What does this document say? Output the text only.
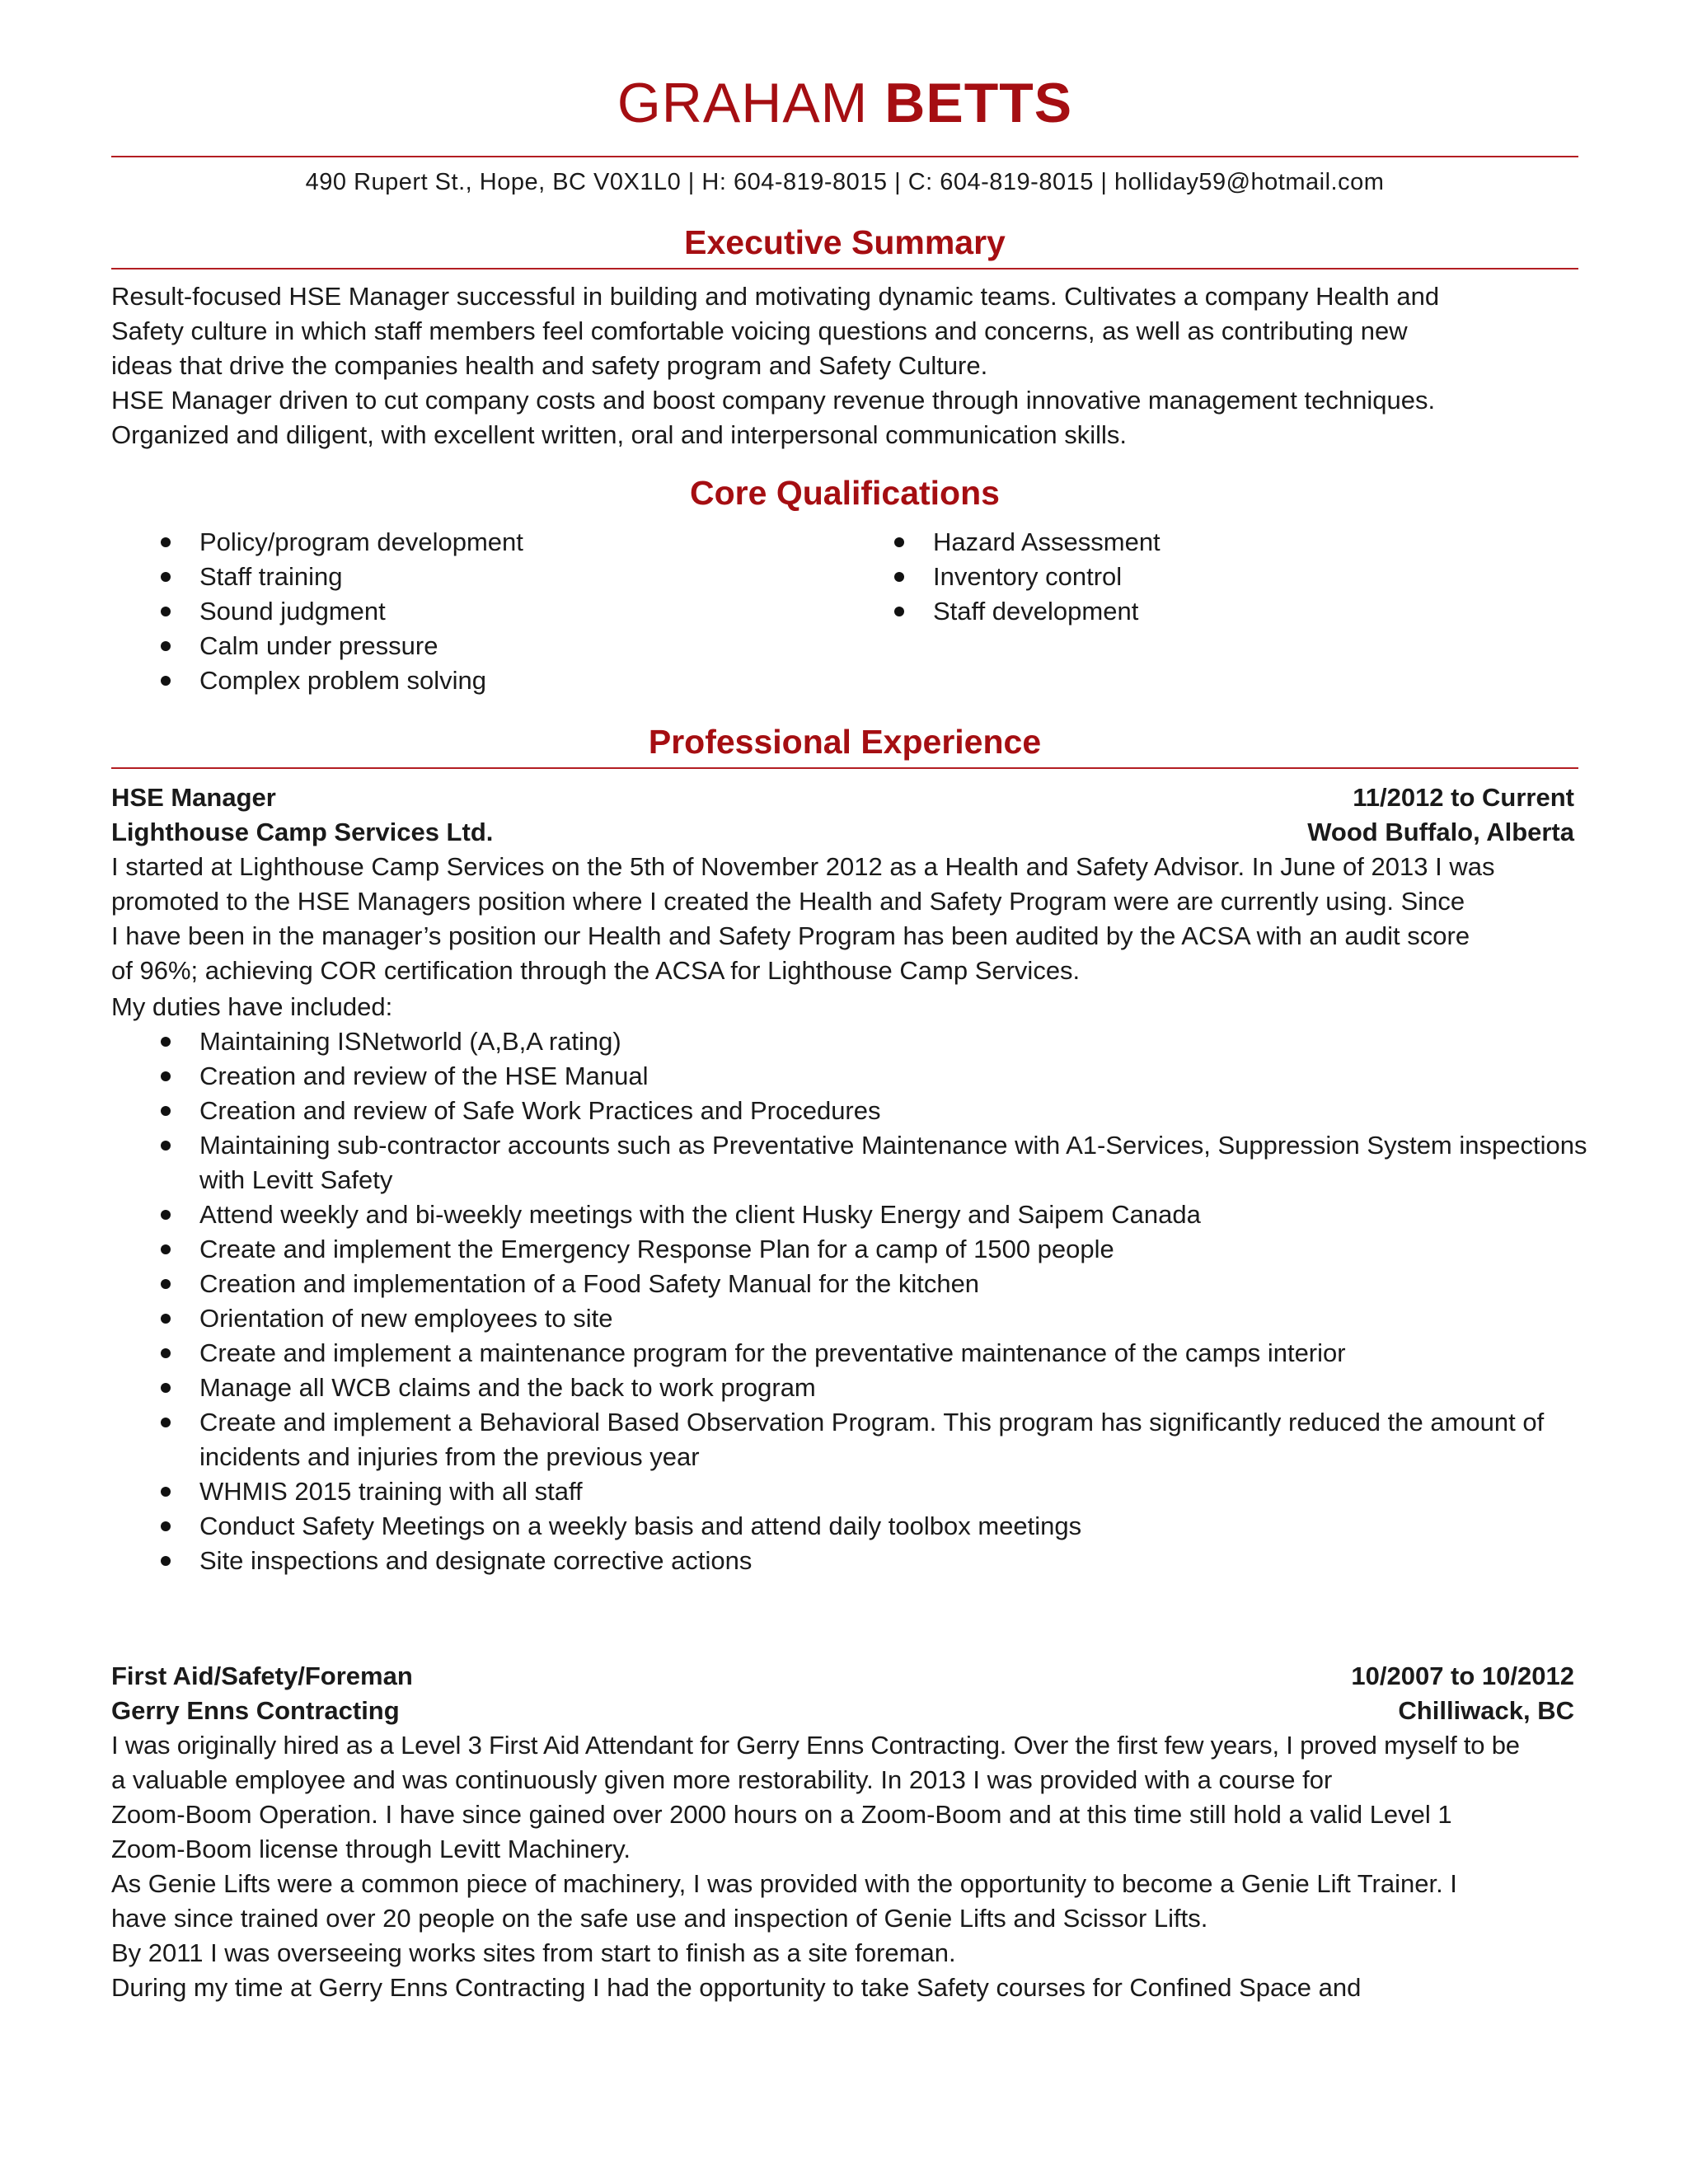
GRAHAM BETTS
490 Rupert St., Hope, BC V0X1L0 | H: 604-819-8015 | C: 604-819-8015 | holliday59@hotmail.com
Executive Summary

Result-focused HSE Manager successful in building and motivating dynamic teams. Cultivates a company Health and

Safety culture in which staff members feel comfortable voicing questions and concerns, as well as contributing new

ideas that drive the companies health and safety program and Safety Culture.

HSE Manager driven to cut company costs and boost company revenue through innovative management techniques.

Organized and diligent, with excellent written, oral and interpersonal communication skills.

Core Qualifications
Policy/program development
Staff training
Sound judgment
Calm under pressure
Complex problem solving
Hazard Assessment
Inventory control
Staff development
Professional Experience
HSE Manager	11/2012 to Current
Lighthouse Camp Services Ltd.	Wood Buffalo, Alberta

I started at Lighthouse Camp Services on the 5th of November 2012 as a Health and Safety Advisor. In June of 2013 I was

promoted to the HSE Managers position where I created the Health and Safety Program were are currently using. Since

I have been in the manager’s position our Health and Safety Program has been audited by the ACSA with an audit score

of 96%; achieving COR certification through the ACSA for Lighthouse Camp Services.

My duties have included:

Maintaining ISNetworld (A,B,A rating)
Creation and review of the HSE Manual
Creation and review of Safe Work Practices and Procedures
Maintaining sub-contractor accounts such as Preventative Maintenance with A1-Services, Suppression System inspections with Levitt Safety
Attend weekly and bi-weekly meetings with the client Husky Energy and Saipem Canada
Create and implement the Emergency Response Plan for a camp of 1500 people
Creation and implementation of a Food Safety Manual for the kitchen
Orientation of new employees to site
Create and implement a maintenance program for the preventative maintenance of the camps interior
Manage all WCB claims and the back to work program
Create and implement a Behavioral Based Observation Program. This program has significantly reduced the amount of incidents and injuries from the previous year
WHMIS 2015 training with all staff
Conduct Safety Meetings on a weekly basis and attend daily toolbox meetings
Site inspections and designate corrective actions
First Aid/Safety/Foreman	10/2007 to 10/2012
Gerry Enns Contracting	Chilliwack, BC

I was originally hired as a Level 3 First Aid Attendant for Gerry Enns Contracting. Over the first few years, I proved myself to be

a valuable employee and was continuously given more restorability. In 2013 I was provided with a course for

Zoom-Boom Operation. I have since gained over 2000 hours on a Zoom-Boom and at this time still hold a valid Level 1

Zoom-Boom license through Levitt Machinery.

As Genie Lifts were a common piece of machinery, I was provided with the opportunity to become a Genie Lift Trainer. I

have since trained over 20 people on the safe use and inspection of Genie Lifts and Scissor Lifts.

By 2011 I was overseeing works sites from start to finish as a site foreman.

During my time at Gerry Enns Contracting I had the opportunity to take Safety courses for Confined Space and
